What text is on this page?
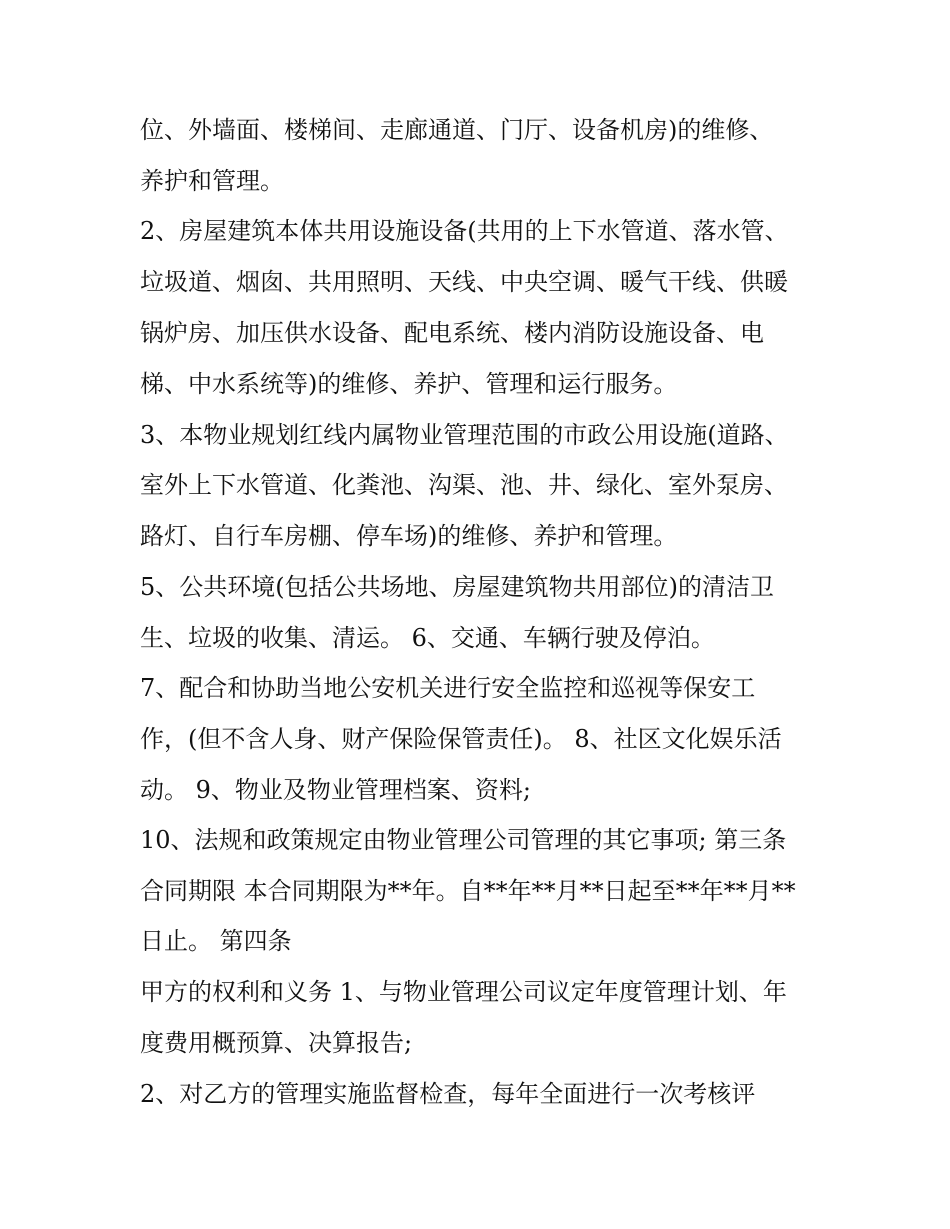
位、外墙面、楼梯间、走廊通道、门厅、设备机房)的维修、
养护和管理。
2、房屋建筑本体共用设施设备(共用的上下水管道、落水管、
垃圾道、烟囱、共用照明、天线、中央空调、暖气干线、供暖
锅炉房、加压供水设备、配电系统、楼内消防设施设备、电
梯、中水系统等)的维修、养护、管理和运行服务。
3、本物业规划红线内属物业管理范围的市政公用设施(道路、
室外上下水管道、化粪池、沟渠、池、井、绿化、室外泵房、
路灯、自行车房棚、停车场)的维修、养护和管理。
5、公共环境(包括公共场地、房屋建筑物共用部位)的清洁卫
生、垃圾的收集、清运。 6、交通、车辆行驶及停泊。
7、配合和协助当地公安机关进行安全监控和巡视等保安工
作，(但不含人身、财产保险保管责任)。 8、社区文化娱乐活
动。 9、物业及物业管理档案、资料;
10、法规和政策规定由物业管理公司管理的其它事项; 第三条
合同期限 本合同期限为**年。自**年**月**日起至**年**月**
日止。 第四条
甲方的权利和义务 1、与物业管理公司议定年度管理计划、年
度费用概预算、决算报告;
2、对乙方的管理实施监督检查，每年全面进行一次考核评
